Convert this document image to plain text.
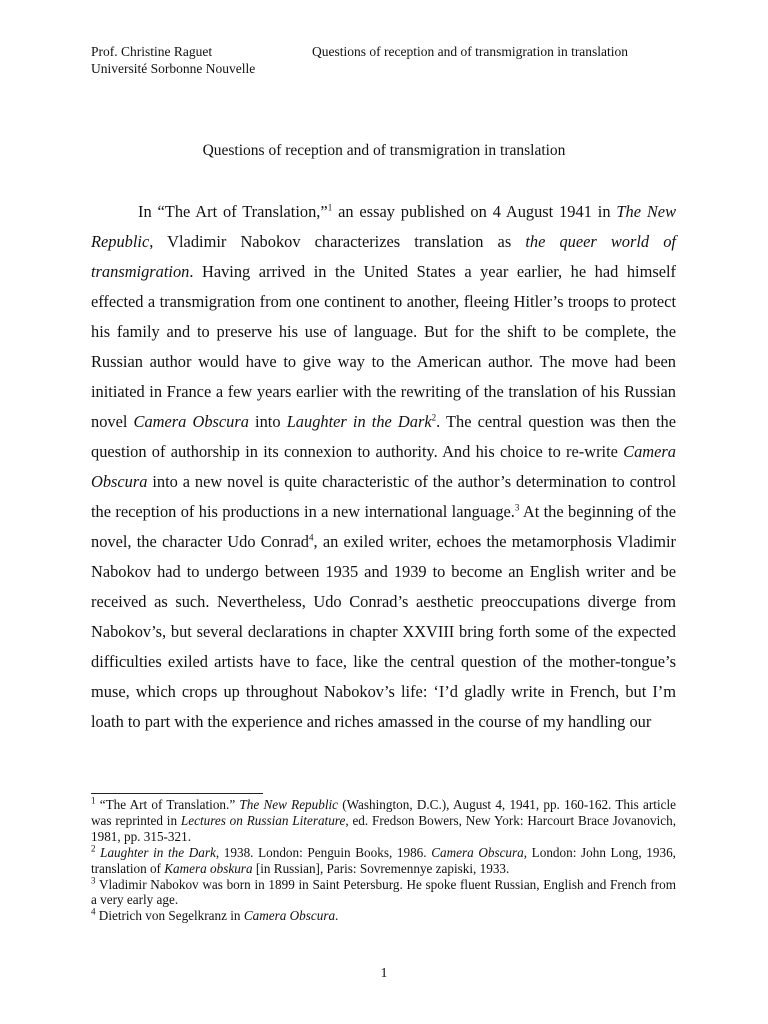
Prof. Christine Raguet
Université Sorbonne Nouvelle
Questions of reception and of transmigration in translation
Questions of reception and of transmigration in translation

In “The Art of Translation,”$^1$ an essay published on 4 August 1941 in The New Republic, Vladimir Nabokov characterizes translation as the queer world of transmigration. Having arrived in the United States a year earlier, he had himself effected a transmigration from one continent to another, fleeing Hitler’s troops to protect his family and to preserve his use of language. But for the shift to be complete, the Russian author would have to give way to the American author. The move had been initiated in France a few years earlier with the rewriting of the translation of his Russian novel Camera Obscura into Laughter in the Dark$^2$. The central question was then the question of authorship in its connexion to authority. And his choice to re-write Camera Obscura into a new novel is quite characteristic of the author’s determination to control the reception of his productions in a new international language.$^3$ At the beginning of the novel, the character Udo Conrad$^4$, an exiled writer, echoes the metamorphosis Vladimir Nabokov had to undergo between 1935 and 1939 to become an English writer and be received as such. Nevertheless, Udo Conrad’s aesthetic preoccupations diverge from Nabokov’s, but several declarations in chapter XXVIII bring forth some of the expected difficulties exiled artists have to face, like the central question of the mother-tongue’s muse, which crops up throughout Nabokov’s life: ‘I’d gladly write in French, but I’m loath to part with the experience and riches amassed in the course of my handling our

$^1$ “The Art of Translation.” The New Republic (Washington, D.C.), August 4, 1941, pp. 160-162. This article was reprinted in Lectures on Russian Literature, ed. Fredson Bowers, New York: Harcourt Brace Jovanovich, 1981, pp. 315-321.

$^2$ Laughter in the Dark, 1938. London: Penguin Books, 1986. Camera Obscura, London: John Long, 1936, translation of Kamera obskura [in Russian], Paris: Sovremennye zapiski, 1933.

$^3$ Vladimir Nabokov was born in 1899 in Saint Petersburg. He spoke fluent Russian, English and French from a very early age.

$^4$ Dietrich von Segelkranz in Camera Obscura.

1
